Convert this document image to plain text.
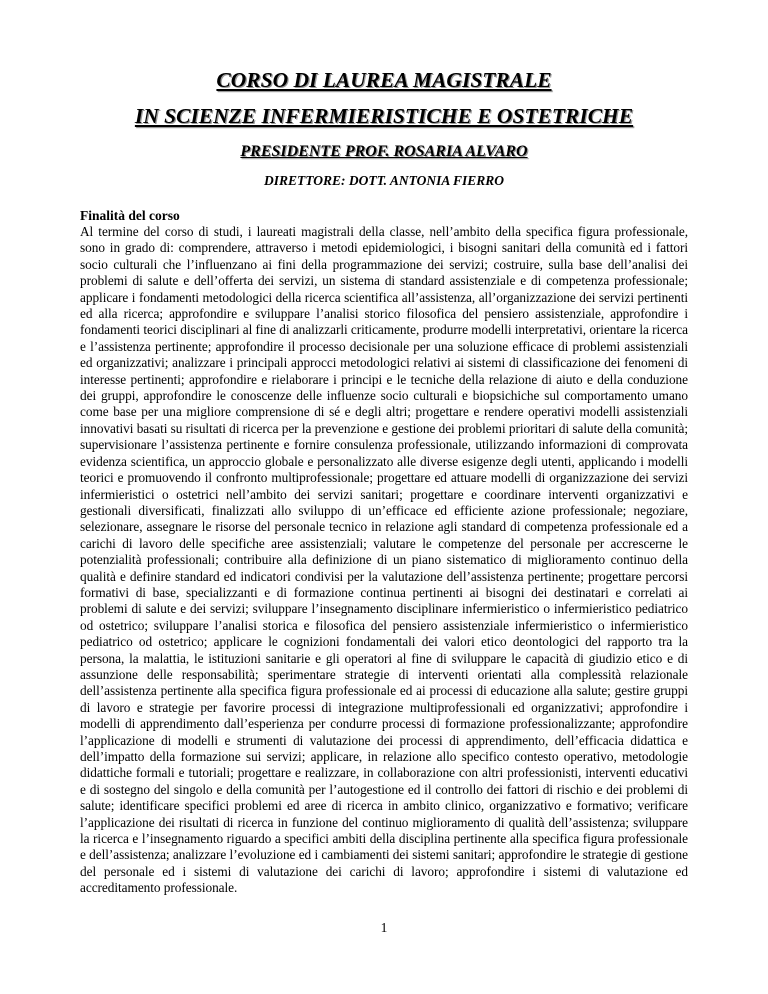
CORSO DI LAUREA MAGISTRALE
IN SCIENZE INFERMIERISTICHE E OSTETRICHE
PRESIDENTE PROF. ROSARIA ALVARO
DIRETTORE: DOTT. ANTONIA FIERRO
Finalità del corso
Al termine del corso di studi, i laureati magistrali della classe, nell’ambito della specifica figura professionale, sono in grado di: comprendere, attraverso i metodi epidemiologici, i bisogni sanitari della comunità ed i fattori socio culturali che l’influenzano ai fini della programmazione dei servizi; costruire, sulla base dell’analisi dei problemi di salute e dell’offerta dei servizi, un sistema di standard assistenziale e di competenza professionale; applicare i fondamenti metodologici della ricerca scientifica all’assistenza, all’organizzazione dei servizi pertinenti ed alla ricerca; approfondire e sviluppare l’analisi storico filosofica del pensiero assistenziale, approfondire i fondamenti teorici disciplinari al fine di analizzarli criticamente, produrre modelli interpretativi, orientare la ricerca e l’assistenza pertinente; approfondire il processo decisionale per una soluzione efficace di problemi assistenziali ed organizzativi; analizzare i principali approcci metodologici relativi ai sistemi di classificazione dei fenomeni di interesse pertinenti; approfondire e rielaborare i principi e le tecniche della relazione di aiuto e della conduzione dei gruppi, approfondire le conoscenze delle influenze socio culturali e biopsichiche sul comportamento umano come base per una migliore comprensione di sé e degli altri; progettare e rendere operativi modelli assistenziali innovativi basati su risultati di ricerca per la prevenzione e gestione dei problemi prioritari di salute della comunità; supervisionare l’assistenza pertinente e fornire consulenza professionale, utilizzando informazioni di comprovata evidenza scientifica, un approccio globale e personalizzato alle diverse esigenze degli utenti, applicando i modelli teorici e promuovendo il confronto multiprofessionale; progettare ed attuare modelli di organizzazione dei servizi infermieristici o ostetrici nell’ambito dei servizi sanitari; progettare e coordinare interventi organizzativi e gestionali diversificati, finalizzati allo sviluppo di un’efficace ed efficiente azione professionale; negoziare, selezionare, assegnare le risorse del personale tecnico in relazione agli standard di competenza professionale ed a carichi di lavoro delle specifiche aree assistenziali; valutare le competenze del personale per accrescerne le potenzialità professionali; contribuire alla definizione di un piano sistematico di miglioramento continuo della qualità e definire standard ed indicatori condivisi per la valutazione dell’assistenza pertinente; progettare percorsi formativi di base, specializzanti e di formazione continua pertinenti ai bisogni dei destinatari e correlati ai problemi di salute e dei servizi; sviluppare l’insegnamento disciplinare infermieristico o infermieristico pediatrico od ostetrico; sviluppare l’analisi storica e filosofica del pensiero assistenziale infermieristico o infermieristico pediatrico od ostetrico; applicare le cognizioni fondamentali dei valori etico deontologici del rapporto tra la persona, la malattia, le istituzioni sanitarie e gli operatori al fine di sviluppare le capacità di giudizio etico e di assunzione delle responsabilità; sperimentare strategie di interventi orientati alla complessità relazionale dell’assistenza pertinente alla specifica figura professionale ed ai processi di educazione alla salute; gestire gruppi di lavoro e strategie per favorire processi di integrazione multiprofessionali ed organizzativi; approfondire i modelli di apprendimento dall’esperienza per condurre processi di formazione professionalizzante; approfondire l’applicazione di modelli e strumenti di valutazione dei processi di apprendimento, dell’efficacia didattica e dell’impatto della formazione sui servizi; applicare, in relazione allo specifico contesto operativo, metodologie didattiche formali e tutoriali; progettare e realizzare, in collaborazione con altri professionisti, interventi educativi e di sostegno del singolo e della comunità per l’autogestione ed il controllo dei fattori di rischio e dei problemi di salute; identificare specifici problemi ed aree di ricerca in ambito clinico, organizzativo e formativo; verificare l’applicazione dei risultati di ricerca in funzione del continuo miglioramento di qualità dell’assistenza; sviluppare la ricerca e l’insegnamento riguardo a specifici ambiti della disciplina pertinente alla specifica figura professionale e dell’assistenza; analizzare l’evoluzione ed i cambiamenti dei sistemi sanitari; approfondire le strategie di gestione del personale ed i sistemi di valutazione dei carichi di lavoro; approfondire i sistemi di valutazione ed accreditamento professionale.
1
